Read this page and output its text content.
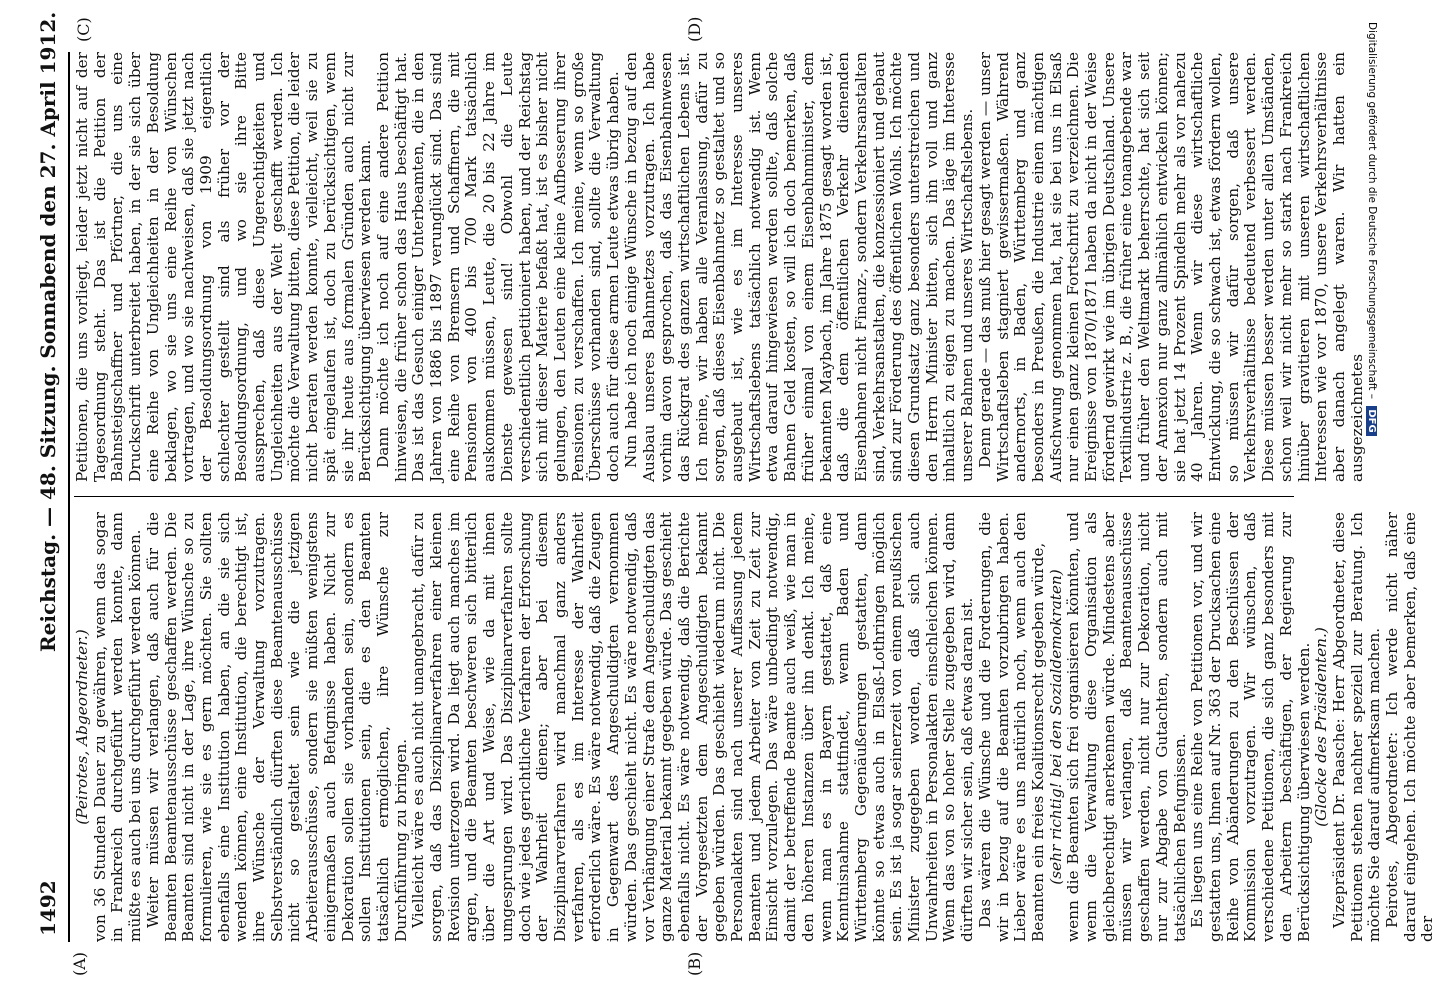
1492
Reichstag. — 48. Sitzung. Sonnabend den 27. April 1912.
(A)	(B)
(C)	(D)

(Peirotes, Abgeordneter.) von 36 Stunden Dauer zu gewähren, wenn das sogar in Frankreich durchgeführt werden konnte, dann müßte es auch bei uns durchgeführt werden können. Weiter müssen wir verlangen, daß auch für die Beamten Beamtenausschüsse geschaffen werden. Die Beamten sind nicht in der Lage, ihre Wünsche so zu formulieren, wie sie es gern möchten. Sie sollten ebenfalls eine Institution haben, an die sie sich wenden können, eine Institution, die berechtigt ist, ihre Wünsche der Verwaltung vorzutragen. Selbstverständlich dürften diese Beamtenausschüsse nicht so gestaltet sein wie die jetzigen Arbeiterausschüsse, sondern sie müßten wenigstens einigermaßen auch Befugnisse haben. Nicht zur Dekoration sollen sie vorhanden sein, sondern es sollen Institutionen sein, die es den Beamten tatsächlich ermöglichen, ihre Wünsche zur Durchführung zu bringen. Vielleicht wäre es auch nicht unangebracht, dafür zu sorgen, daß das Disziplinarverfahren einer kleinen Revision unterzogen wird. Da liegt auch manches im argen, und die Beamten beschweren sich bitterlich über die Art und Weise, wie da mit ihnen umgesprungen wird. Das Disziplinarverfahren sollte doch wie jedes gerichtliche Verfahren der Erforschung der Wahrheit dienen; aber bei diesem Disziplinarverfahren wird manchmal ganz anders verfahren, als es im Interesse der Wahrheit erforderlich wäre. Es wäre notwendig, daß die Zeugen in Gegenwart des Angeschuldigten vernommen würden. Das geschieht nicht. Es wäre notwendig, daß vor Verhängung einer Strafe dem Angeschuldigten das ganze Material bekannt gegeben würde. Das geschieht ebenfalls nicht. Es wäre notwendig, daß die Berichte der Vorgesetzten dem Angeschuldigten bekannt gegeben würden. Das geschieht wiederum nicht. Die Personalakten sind nach unserer Auffassung jedem Beamten und jedem Arbeiter von Zeit zu Zeit zur Einsicht vorzulegen. Das wäre unbedingt notwendig, damit der betreffende Beamte auch weiß, wie man in den höheren Instanzen über ihn denkt. Ich meine, wenn man es in Bayern gestattet, daß eine Kenntnisnahme stattfindet, wenn Baden und Württemberg Gegenäußerungen gestatten, dann könnte so etwas auch in Elsaß-Lothringen möglich sein. Es ist ja sogar seinerzeit von einem preußischen Minister zugegeben worden, daß sich auch Unwahrheiten in Personalakten einschleichen können. Wenn das von so hoher Stelle zugegeben wird, dann dürften wir sicher sein, daß etwas daran ist. Das wären die Wünsche und die Forderungen, die wir in bezug auf die Beamten vorzubringen haben. Lieber wäre es uns natürlich noch, wenn auch den Beamten ein freies Koalitionsrecht gegeben würde, (sehr richtig! bei den Sozialdemokraten) wenn die Beamten sich frei organisieren könnten, und wenn die Verwaltung diese Organisation als gleichberechtigt anerkennen würde. Mindestens aber müssen wir verlangen, daß Beamtenausschüsse geschaffen werden, nicht nur zur Dekoration, nicht nur zur Abgabe von Gutachten, sondern auch mit tatsächlichen Befugnissen. Es liegen uns eine Reihe von Petitionen vor, und wir gestatten uns, Ihnen auf Nr. 363 der Drucksachen eine Reihe von Abänderungen zu den Beschlüssen der Kommission vorzutragen. Wir wünschen, daß verschiedene Petitionen, die sich ganz besonders mit den Arbeitern beschäftigen, der Regierung zur Berücksichtigung überwiesen werden. (Glocke des Präsidenten.) Vizepräsident Dr. Paasche: Herr Abgeordneter, diese Petitionen stehen nachher speziell zur Beratung. Ich möchte Sie darauf aufmerksam machen. Peirotes, Abgeordneter: Ich werde nicht näher darauf eingehen. Ich möchte aber bemerken, daß eine der

Petitionen, die uns vorliegt, leider jetzt nicht auf der Tagesordnung steht. Das ist die Petition der Bahnsteigschaffner und Pförtner, die uns eine Druckschrift unterbreitet haben, in der sie sich über eine Reihe von Ungleichheiten in der Besoldung beklagen, wo sie uns eine Reihe von Wünschen vortragen, und wo sie nachweisen, daß sie jetzt nach der Besoldungsordnung von 1909 eigentlich schlechter gestellt sind als früher vor der Besoldungsordnung, und wo sie ihre Bitte aussprechen, daß diese Ungerechtigkeiten und Ungleichheiten aus der Welt geschafft werden. Ich möchte die Verwaltung bitten, diese Petition, die leider nicht beraten werden konnte, vielleicht, weil sie zu spät eingelaufen ist, doch zu berücksichtigen, wenn sie ihr heute aus formalen Gründen auch nicht zur Berücksichtigung überwiesen werden kann. Dann möchte ich noch auf eine andere Petition hinweisen, die früher schon das Haus beschäftigt hat. Das ist das Gesuch einiger Unterbeamten, die in den Jahren von 1886 bis 1897 verunglückt sind. Das sind eine Reihe von Bremsern und Schaffnern, die mit Pensionen von 400 bis 700 Mark tatsächlich auskommen müssen, Leute, die 20 bis 22 Jahre im Dienste gewesen sind! Obwohl die Leute verschiedentlich petitioniert haben, und der Reichstag sich mit dieser Materie befaßt hat, ist es bisher nicht gelungen, den Leuten eine kleine Aufbesserung ihrer Pensionen zu verschaffen. Ich meine, wenn so große Überschüsse vorhanden sind, sollte die Verwaltung doch auch für diese armen Leute etwas übrig haben. Nun habe ich noch einige Wünsche in bezug auf den Ausbau unseres Bahnnetzes vorzutragen. Ich habe vorhin davon gesprochen, daß das Eisenbahnwesen das Rückgrat des ganzen wirtschaftlichen Lebens ist. Ich meine, wir haben alle Veranlassung, dafür zu sorgen, daß dieses Eisenbahnnetz so gestaltet und so ausgebaut ist, wie es im Interesse unseres Wirtschaftslebens tatsächlich notwendig ist. Wenn etwa darauf hingewiesen werden sollte, daß solche Bahnen Geld kosten, so will ich doch bemerken, daß früher einmal von einem Eisenbahnminister, dem bekannten Maybach, im Jahre 1875 gesagt worden ist, daß die dem öffentlichen Verkehr dienenden Eisenbahnen nicht Finanz-, sondern Verkehrsanstalten sind, Verkehrsanstalten, die konzessioniert und gebaut sind zur Förderung des öffentlichen Wohls. Ich möchte diesen Grundsatz ganz besonders unterstreichen und den Herrn Minister bitten, sich ihn voll und ganz inhaltlich zu eigen zu machen. Das läge im Interesse unserer Bahnen und unseres Wirtschaftslebens. Denn gerade — das muß hier gesagt werden — unser Wirtschaftsleben stagniert gewissermaßen. Während andernorts, in Baden, Württemberg und ganz besonders in Preußen, die Industrie einen mächtigen Aufschwung genommen hat, hat sie bei uns in Elsaß nur einen ganz kleinen Fortschritt zu verzeichnen. Die Ereignisse von 1870/1871 haben da nicht in der Weise fördernd gewirkt wie im übrigen Deutschland. Unsere Textilindustrie z. B., die früher eine tonangebende war und früher den Weltmarkt beherrschte, hat sich seit der Annexion nur ganz allmählich entwickeln können; sie hat jetzt 14 Prozent Spindeln mehr als vor nahezu 40 Jahren. Wenn wir diese wirtschaftliche Entwicklung, die so schwach ist, etwas fördern wollen, so müssen wir dafür sorgen, daß unsere Verkehrsverhältnisse bedeutend verbessert werden. Diese müssen besser werden unter allen Umständen, schon weil wir nicht mehr so stark nach Frankreich hinüber gravitieren mit unseren wirtschaftlichen Interessen wie vor 1870, unsere Verkehrsverhältnisse aber danach angelegt waren. Wir hatten ein ausgezeichnetes

Digitalisierung gefördert durch die Deutsche Forschungsgemeinschaft – DFG
